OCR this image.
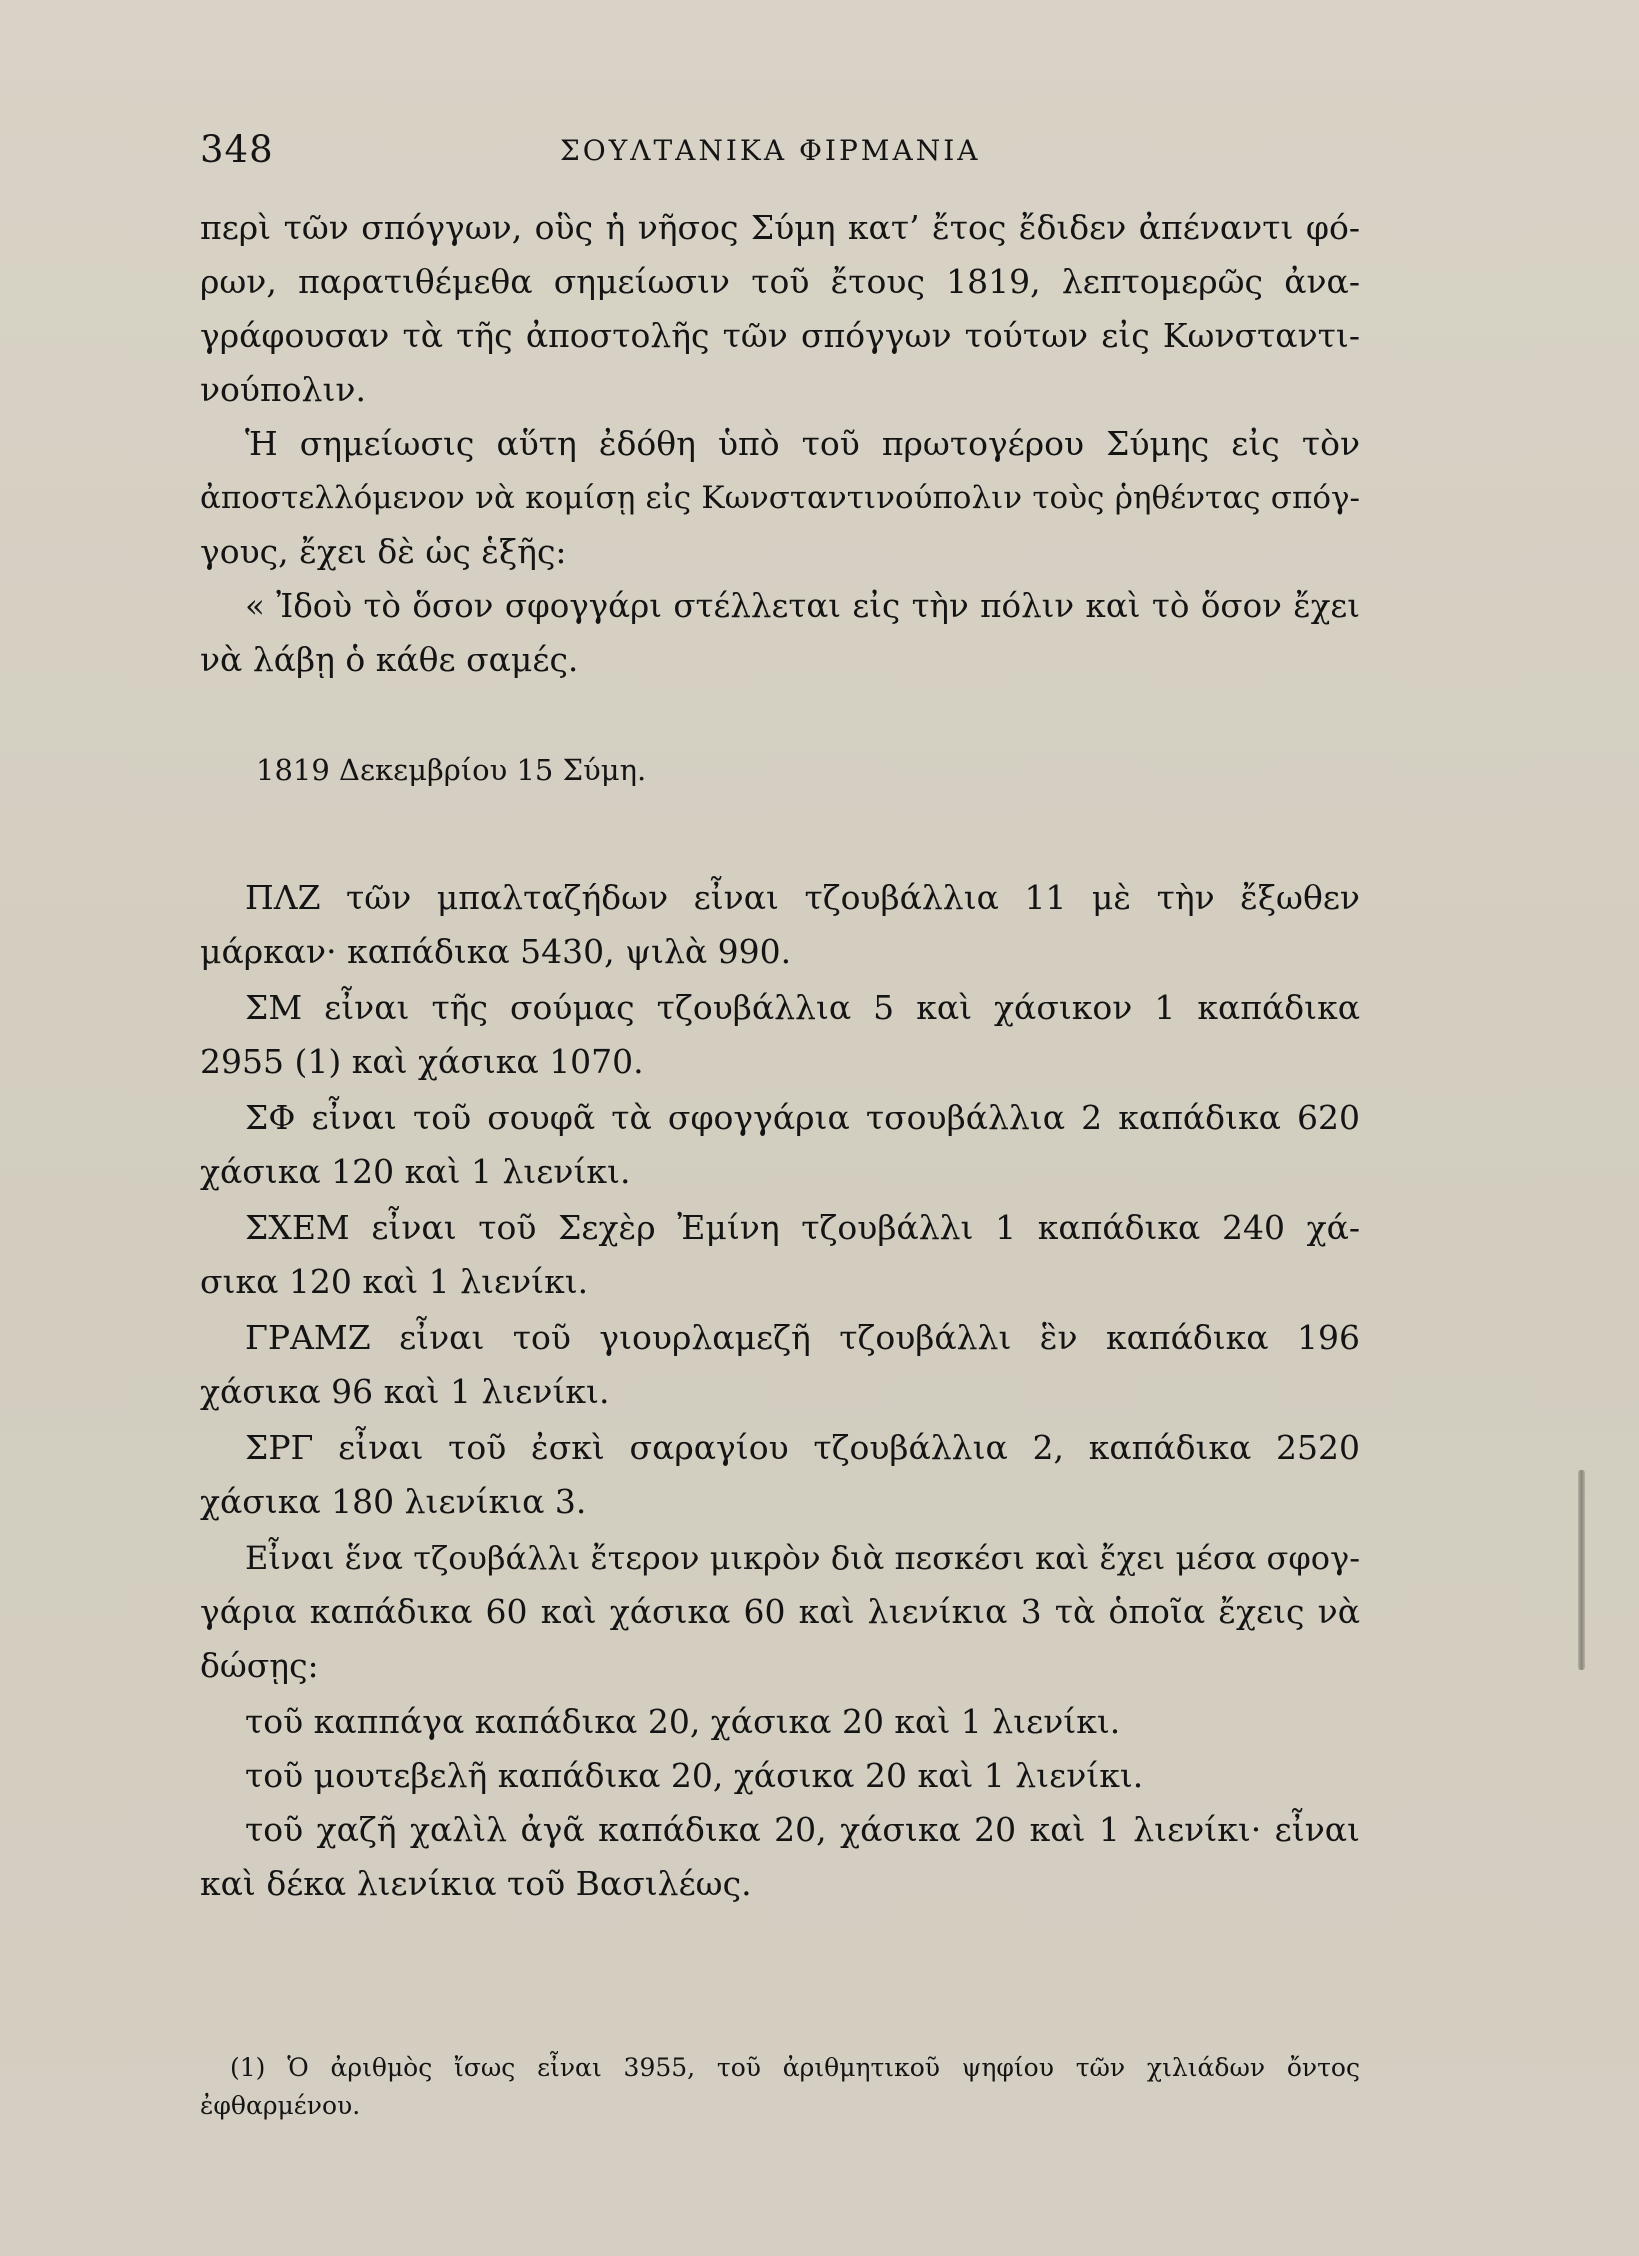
348	ΣΟΥΛΤΑΝΙΚΑ ΦΙΡΜΑΝΙΑ
περὶ τῶν σπόγγων, οὓς ἡ νῆσος Σύμη κατ’ ἔτος ἔδιδεν ἀπέναντι φό-
ρων, παρατιθέμεθα σημείωσιν τοῦ ἔτους 1819, λεπτομερῶς ἀνα-
γράφουσαν τὰ τῆς ἀποστολῆς τῶν σπόγγων τούτων εἰς Κωνσταντι-
νούπολιν.
Ἡ σημείωσις αὕτη ἐδόθη ὑπὸ τοῦ πρωτογέρου Σύμης εἰς τὸν
ἀποστελλόμενον νὰ κομίσῃ εἰς Κωνσταντινούπολιν τοὺς ῥηθέντας σπόγ-
γους, ἔχει δὲ ὡς ἑξῆς:
« Ἰδοὺ τὸ ὅσον σφογγάρι στέλλεται εἰς τὴν πόλιν καὶ τὸ ὅσον ἔχει
νὰ λάβῃ ὁ κάθε σαμές.
1819 Δεκεμβρίου 15 Σύμη.
ΠΛΖ τῶν μπαλταζήδων εἶναι τζουβάλλια 11 μὲ τὴν ἔξωθεν
μάρκαν· καπάδικα 5430, ψιλὰ 990.
ΣΜ εἶναι τῆς σούμας τζουβάλλια 5 καὶ χάσικον 1 καπάδικα
2955 (1) καὶ χάσικα 1070.
ΣΦ εἶναι τοῦ σουφᾶ τὰ σφογγάρια τσουβάλλια 2 καπάδικα 620
χάσικα 120 καὶ 1 λιενίκι.
ΣΧΕΜ εἶναι τοῦ Σεχὲρ Ἐμίνη τζουβάλλι 1 καπάδικα 240 χά-
σικα 120 καὶ 1 λιενίκι.
ΓΡΑΜΖ εἶναι τοῦ γιουρλαμεζῆ τζουβάλλι ἓν καπάδικα 196
χάσικα 96 καὶ 1 λιενίκι.
ΣΡΓ εἶναι τοῦ ἐσκὶ σαραγίου τζουβάλλια 2, καπάδικα 2520
χάσικα 180 λιενίκια 3.
Εἶναι ἕνα τζουβάλλι ἔτερον μικρὸν διὰ πεσκέσι καὶ ἔχει μέσα σφογ-
γάρια καπάδικα 60 καὶ χάσικα 60 καὶ λιενίκια 3 τὰ ὁποῖα ἔχεις νὰ
δώσῃς:
τοῦ καππάγα καπάδικα 20, χάσικα 20 καὶ 1 λιενίκι.
τοῦ μουτεβελῆ καπάδικα 20, χάσικα 20 καὶ 1 λιενίκι.
τοῦ χαζῆ χαλὶλ ἀγᾶ καπάδικα 20, χάσικα 20 καὶ 1 λιενίκι· εἶναι
καὶ δέκα λιενίκια τοῦ Βασιλέως.
(1) Ὁ ἀριθμὸς ἴσως εἶναι 3955, τοῦ ἀριθμητικοῦ ψηφίου τῶν χιλιάδων ὄντος
ἐφθαρμένου.
